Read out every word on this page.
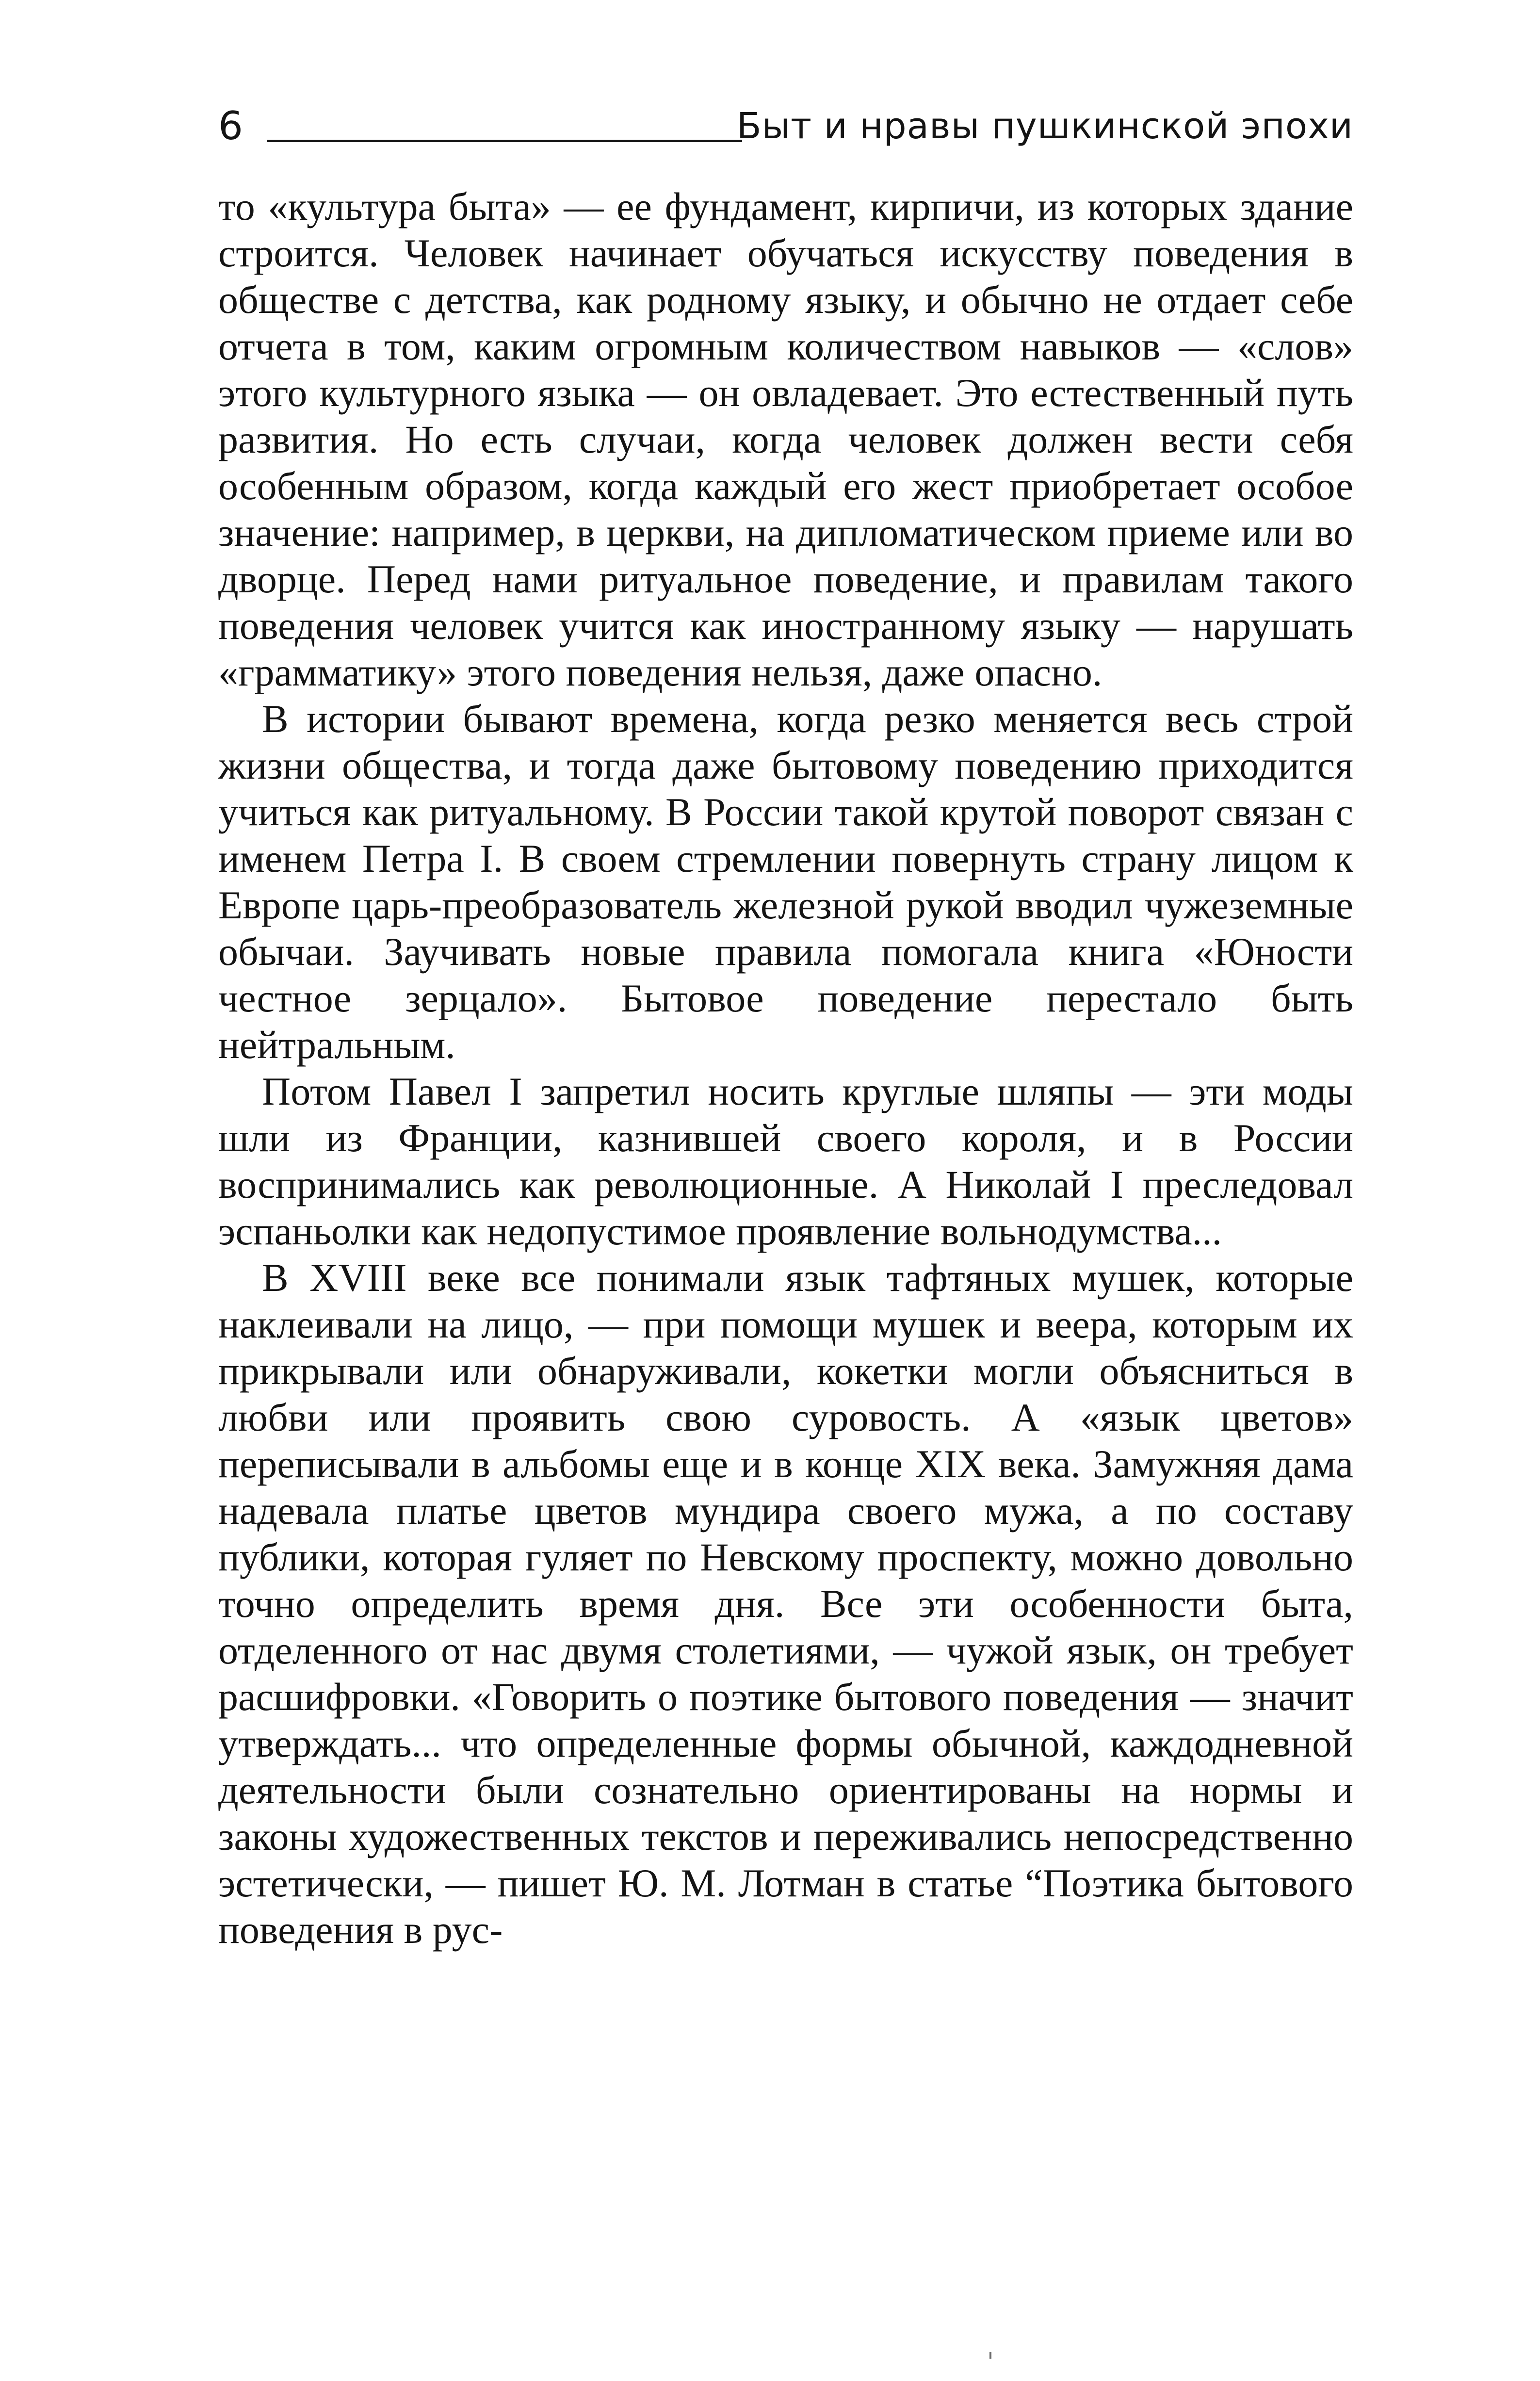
6	Быт и нравы пушкинской эпохи

то «культура быта» — ее фундамент, кирпичи, из которых здание строится. Человек начинает обучаться искусству поведения в обществе с детства, как родному языку, и обычно не отдает себе отчета в том, каким огромным количеством навыков — «слов» этого культурного языка — он овладевает. Это естественный путь развития. Но есть случаи, когда человек должен вести себя особенным образом, когда каждый его жест приобретает особое значение: например, в церкви, на дипломатическом приеме или во дворце. Перед нами ритуальное поведение, и правилам такого поведения человек учится как иностранному языку — нарушать «грамматику» этого поведения нельзя, даже опасно.

В истории бывают времена, когда резко меняется весь строй жизни общества, и тогда даже бытовому поведению приходится учиться как ритуальному. В России такой крутой поворот связан с именем Петра I. В своем стремлении повернуть страну лицом к Европе царь-преобразователь железной рукой вводил чужеземные обычаи. Заучивать новые правила помогала книга «Юности честное зерцало». Бытовое поведение перестало быть нейтральным.

Потом Павел I запретил носить круглые шляпы — эти моды шли из Франции, казнившей своего короля, и в России воспринимались как революционные. А Николай I преследовал эспаньолки как недопустимое проявление вольнодумства...

В XVIII веке все понимали язык тафтяных мушек, которые наклеивали на лицо, — при помощи мушек и веера, которым их прикрывали или обнаруживали, кокетки могли объясниться в любви или проявить свою суровость. А «язык цветов» переписывали в альбомы еще и в конце XIX века. Замужняя дама надевала платье цветов мундира своего мужа, а по составу публики, которая гуляет по Невскому проспекту, можно довольно точно определить время дня. Все эти особенности быта, отделенного от нас двумя столетиями, — чужой язык, он требует расшифровки. «Говорить о поэтике бытового поведения — значит утверждать... что определенные формы обычной, каждодневной деятельности были сознательно ориентированы на нормы и законы художественных текстов и переживались непосредственно эстетически, — пишет Ю. М. Лотман в статье “Поэтика бытового поведения в рус-
